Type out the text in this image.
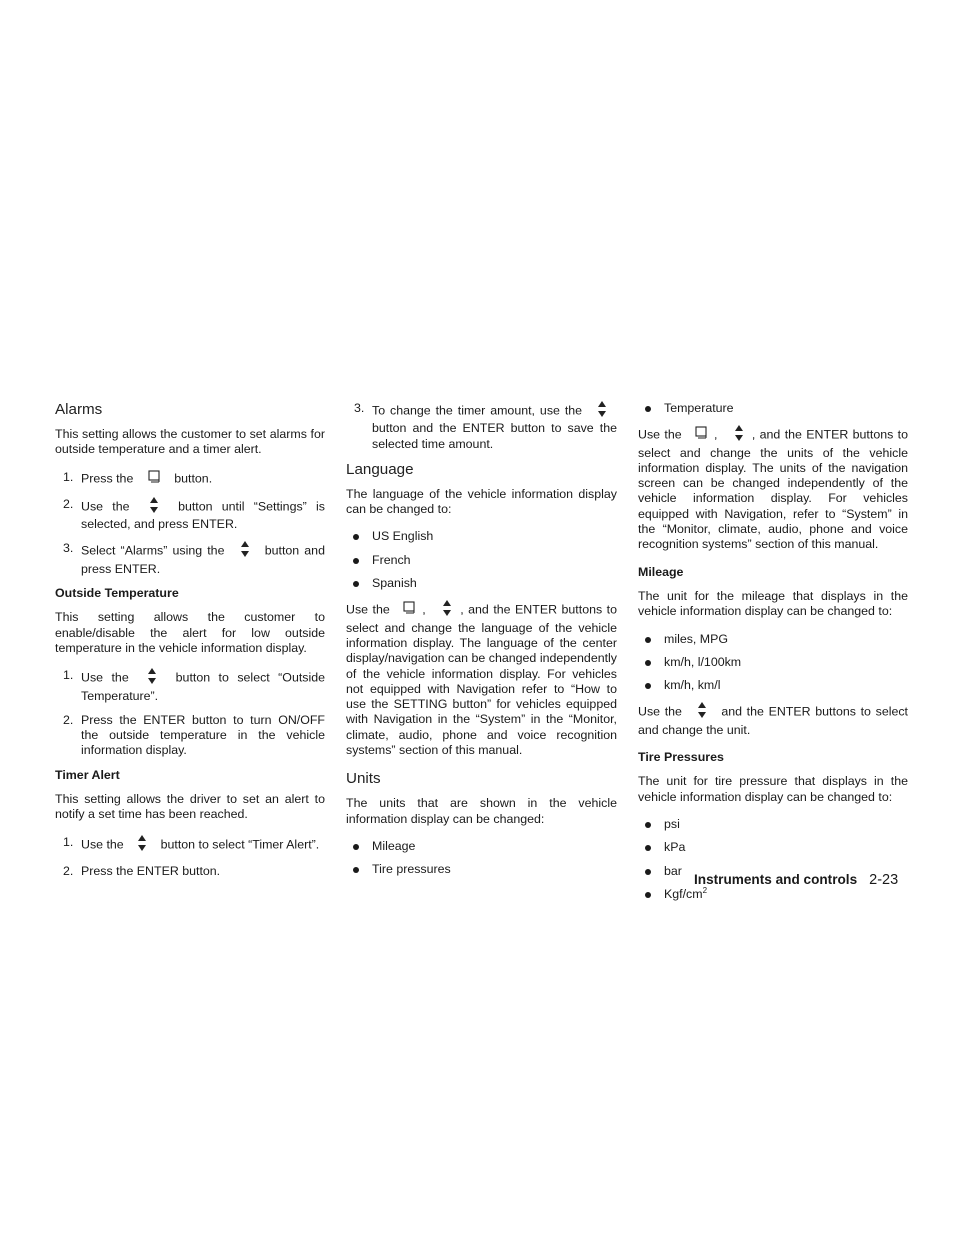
Alarms

This setting allows the customer to set alarms for outside temperature and a timer alert.

1. Press the	button.
2. Use the	button until “Settings” is selected, and press ENTER.
3. Select “Alarms” using the	button and press ENTER.
Outside Temperature

This setting allows the customer to enable/disable the alert for low outside temperature in the vehicle information display.

1. Use the	button to select “Outside Temperature”.
2. Press the ENTER button to turn ON/OFF the outside temperature in the vehicle information display.
Timer Alert

This setting allows the driver to set an alert to notify a set time has been reached.

1. Use the	button to select “Timer Alert”.
2. Press the ENTER button.
3. To change the timer amount, use the  button and the ENTER button to save the selected time amount.
Language

The language of the vehicle information display can be changed to:

US English
French
Spanish

Use the	,	, and the ENTER buttons to select and change the language of the vehicle information display. The language of the center display/navigation can be changed independently of the vehicle information display. For vehicles not equipped with Navigation refer to “How to use the SETTING button” for vehicles equipped with Navigation in the “System” in the “Monitor, climate, audio, phone and voice recognition systems” section of this manual.

Units

The units that are shown in the vehicle information display can be changed:

Mileage
Tire pressures
Temperature

Use the	,	, and the ENTER buttons to select and change the units of the vehicle information display. The units of the navigation screen can be changed independently of the vehicle information display. For vehicles equipped with Navigation, refer to “System” in the “Monitor, climate, audio, phone and voice recognition systems” section of this manual.

Mileage

The unit for the mileage that displays in the vehicle information display can be changed to:

miles, MPG
km/h, l/100km
km/h, km/l

Use the	and the ENTER buttons to select and change the unit.

Tire Pressures

The unit for tire pressure that displays in the vehicle information display can be changed to:

psi
kPa
bar
Kgf/$cm^2$
Instruments and controls 2-23
